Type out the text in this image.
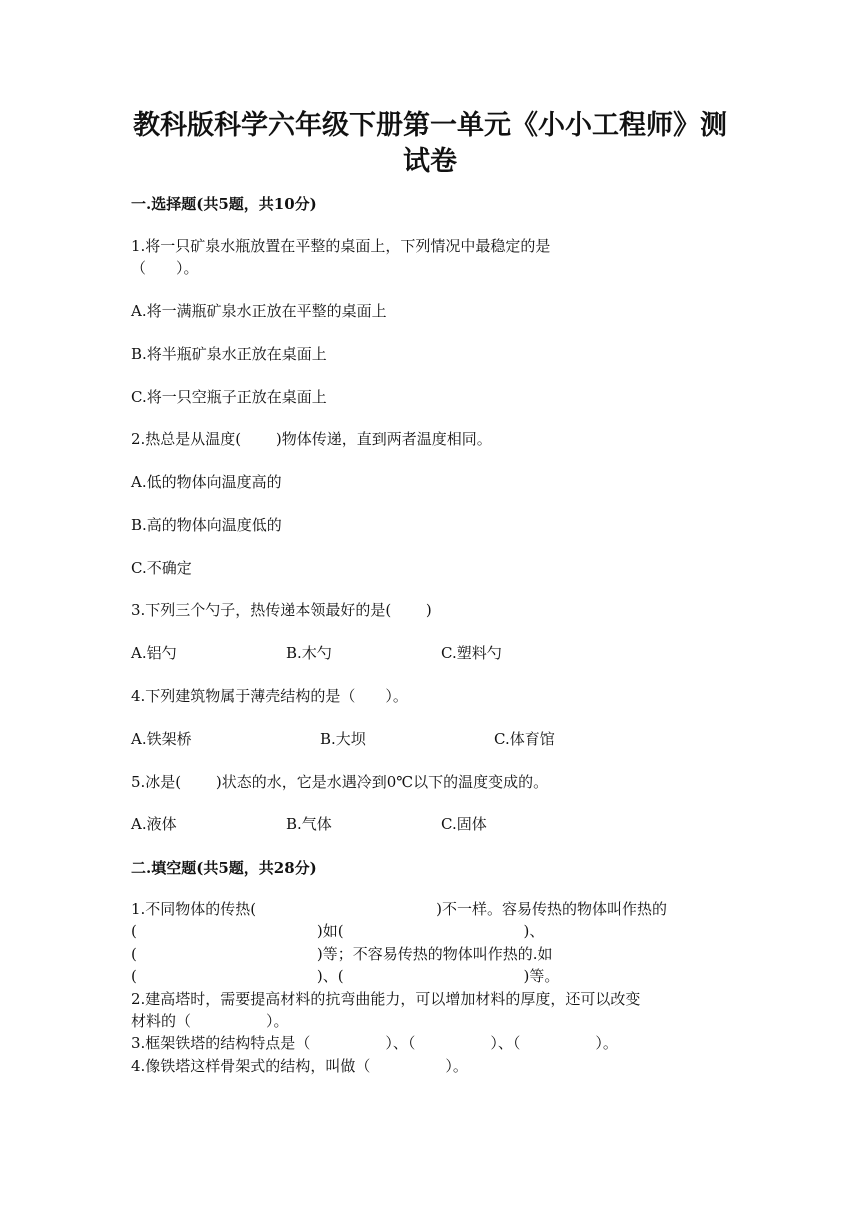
教科版科学六年级下册第一单元《小小工程师》测
试卷
一.选择题(共5题，共10分)
1.将一只矿泉水瓶放置在平整的桌面上，下列情况中最稳定的是
（　　）。
A.将一满瓶矿泉水正放在平整的桌面上
B.将半瓶矿泉水正放在桌面上
C.将一只空瓶子正放在桌面上
2.热总是从温度(　　 )物体传递，直到两者温度相同。
A.低的物体向温度高的
B.高的物体向温度低的
C.不确定
3.下列三个勺子，热传递本领最好的是(　　 )
A.铝勺	B.木勺	C.塑料勺
4.下列建筑物属于薄壳结构的是（　　）。
A.铁架桥	B.大坝	C.体育馆
5.冰是(　　 )状态的水，它是水遇冷到0℃以下的温度变成的。
A.液体	B.气体	C.固体
二.填空题(共5题，共28分)
1.不同物体的传热(　　　　　　　　　　　　)不一样。容易传热的物体叫作热的
(　　　　　　　　　　　　)如(　　　　　　　　　　　　)、
(　　　　　　　　　　　　)等；不容易传热的物体叫作热的.如
(　　　　　　　　　　　　)、(　　　　　　　　　　　　)等。
2.建高塔时，需要提高材料的抗弯曲能力，可以增加材料的厚度，还可以改变
材料的（　　　　　）。
3.框架铁塔的结构特点是（　　　　　）、（　　　　　）、（　　　　　）。
4.像铁塔这样骨架式的结构，叫做（　　　　　）。
